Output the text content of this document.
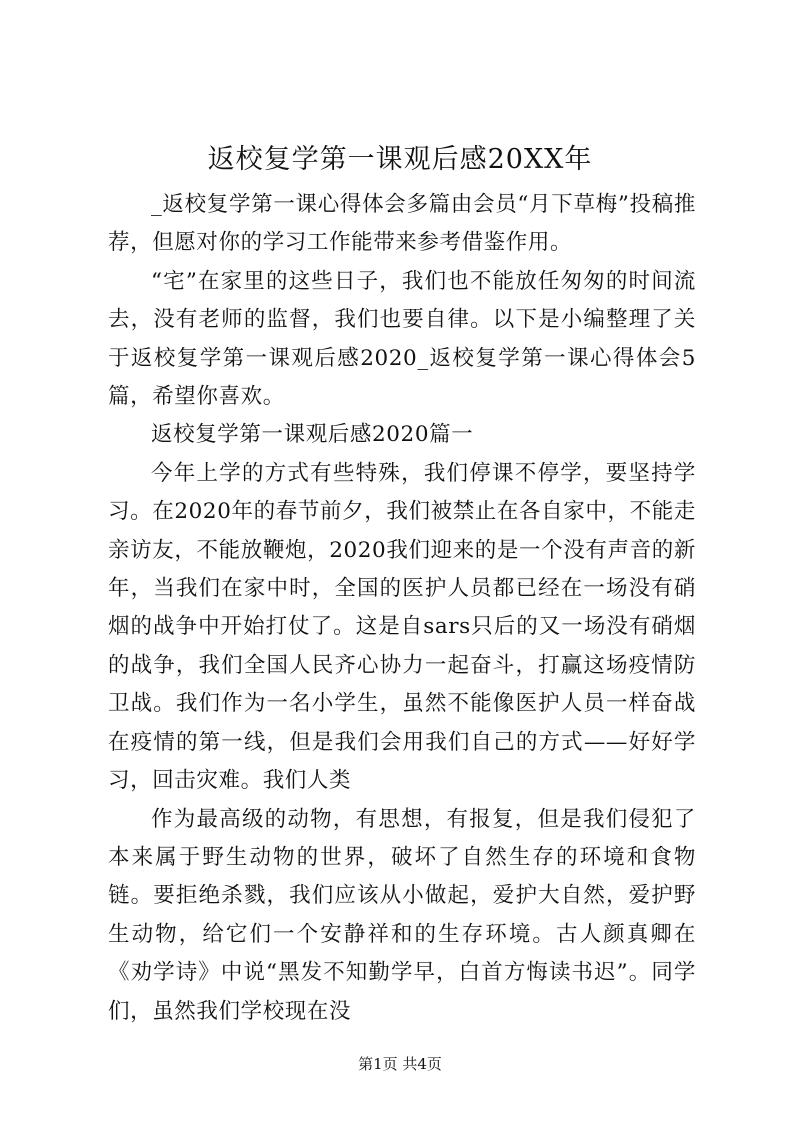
返校复学第一课观后感20XX年

_返校复学第一课心得体会多篇由会员“月下草梅”投稿推荐，但愿对你的学习工作能带来参考借鉴作用。

“宅”在家里的这些日子，我们也不能放任匆匆的时间流去，没有老师的监督，我们也要自律。以下是小编整理了关于返校复学第一课观后感2020_返校复学第一课心得体会5篇，希望你喜欢。

返校复学第一课观后感2020篇一

今年上学的方式有些特殊，我们停课不停学，要坚持学习。在2020年的春节前夕，我们被禁止在各自家中，不能走亲访友，不能放鞭炮，2020我们迎来的是一个没有声音的新年，当我们在家中时，全国的医护人员都已经在一场没有硝烟的战争中开始打仗了。这是自sars只后的又一场没有硝烟的战争，我们全国人民齐心协力一起奋斗，打赢这场疫情防卫战。我们作为一名小学生，虽然不能像医护人员一样奋战在疫情的第一线，但是我们会用我们自己的方式——好好学习，回击灾难。我们人类

作为最高级的动物，有思想，有报复，但是我们侵犯了本来属于野生动物的世界，破坏了自然生存的环境和食物链。要拒绝杀戮，我们应该从小做起，爱护大自然，爱护野生动物，给它们一个安静祥和的生存环境。古人颜真卿在《劝学诗》中说“黑发不知勤学早，白首方悔读书迟”。同学们，虽然我们学校现在没

第1页 共4页
